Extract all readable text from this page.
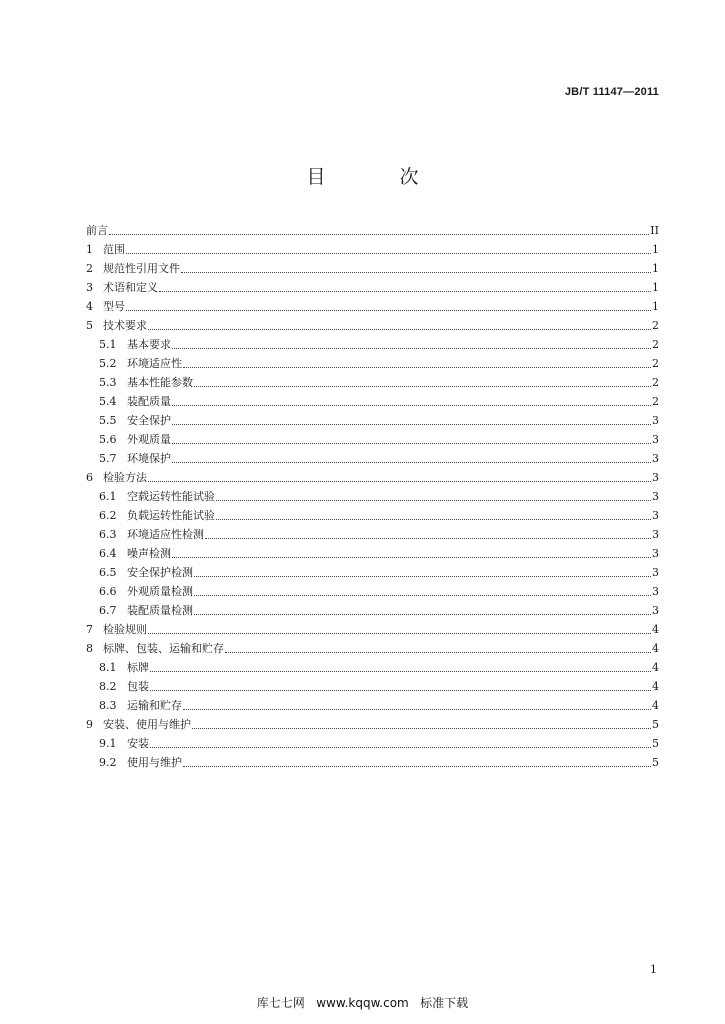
JB/T 11147—2011
目 次
前言	II
1 范围	1
2 规范性引用文件	1
3 术语和定义	1
4 型号	1
5 技术要求	2
5.1 基本要求	2
5.2 环境适应性	2
5.3 基本性能参数	2
5.4 装配质量	2
5.5 安全保护	3
5.6 外观质量	3
5.7 环境保护	3
6 检验方法	3
6.1 空载运转性能试验	3
6.2 负载运转性能试验	3
6.3 环境适应性检测	3
6.4 噪声检测	3
6.5 安全保护检测	3
6.6 外观质量检测	3
6.7 装配质量检测	3
7 检验规则	4
8 标牌、包装、运输和贮存	4
8.1 标牌	4
8.2 包装	4
8.3 运输和贮存	4
9 安装、使用与维护	5
9.1 安装	5
9.2 使用与维护	5
1
库七七网   www.kqqw.com   标准下载
